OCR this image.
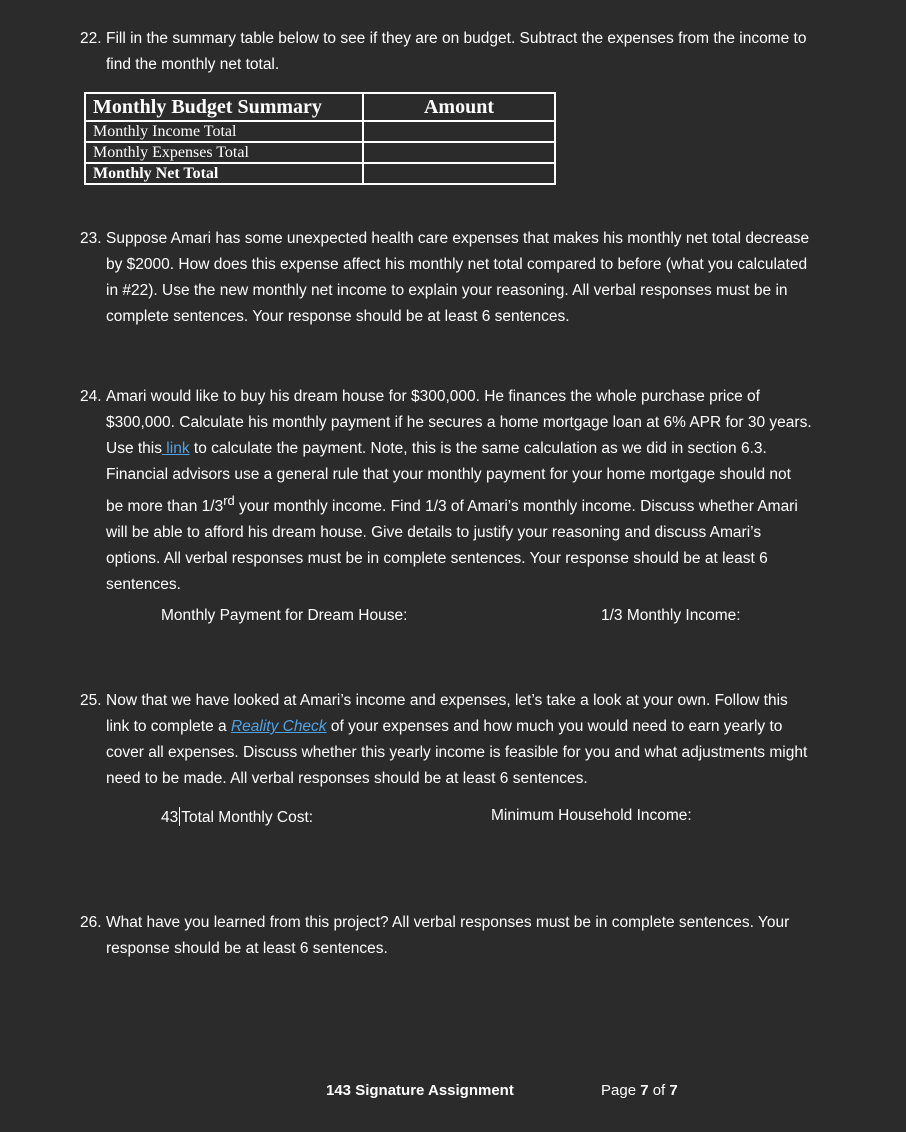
22. Fill in the summary table below to see if they are on budget. Subtract the expenses from the income to
find the monthly net total.
Monthly Budget Summary	Amount
Monthly Income Total	
Monthly Expenses Total	
Monthly Net Total	
23. Suppose Amari has some unexpected health care expenses that makes his monthly net total decrease
by $2000. How does this expense affect his monthly net total compared to before (what you calculated
in #22). Use the new monthly net income to explain your reasoning. All verbal responses must be in
complete sentences. Your response should be at least 6 sentences.
24. Amari would like to buy his dream house for $300,000. He finances the whole purchase price of
$300,000. Calculate his monthly payment if he secures a home mortgage loan at 6% APR for 30 years.
Use this link to calculate the payment. Note, this is the same calculation as we did in section 6.3.
Financial advisors use a general rule that your monthly payment for your home mortgage should not
be more than 1/3rd your monthly income. Find 1/3 of Amari’s monthly income. Discuss whether Amari
will be able to afford his dream house. Give details to justify your reasoning and discuss Amari’s
options. All verbal responses must be in complete sentences. Your response should be at least 6
sentences.
Monthly Payment for Dream House:	1/3 Monthly Income:
25. Now that we have looked at Amari’s income and expenses, let’s take a look at your own. Follow this
link to complete a Reality Check of your expenses and how much you would need to earn yearly to
cover all expenses. Discuss whether this yearly income is feasible for you and what adjustments might
need to be made. All verbal responses should be at least 6 sentences.
43 Total Monthly Cost:	Minimum Household Income:
26. What have you learned from this project? All verbal responses must be in complete sentences. Your
response should be at least 6 sentences.
143 Signature Assignment	Page 7 of 7
